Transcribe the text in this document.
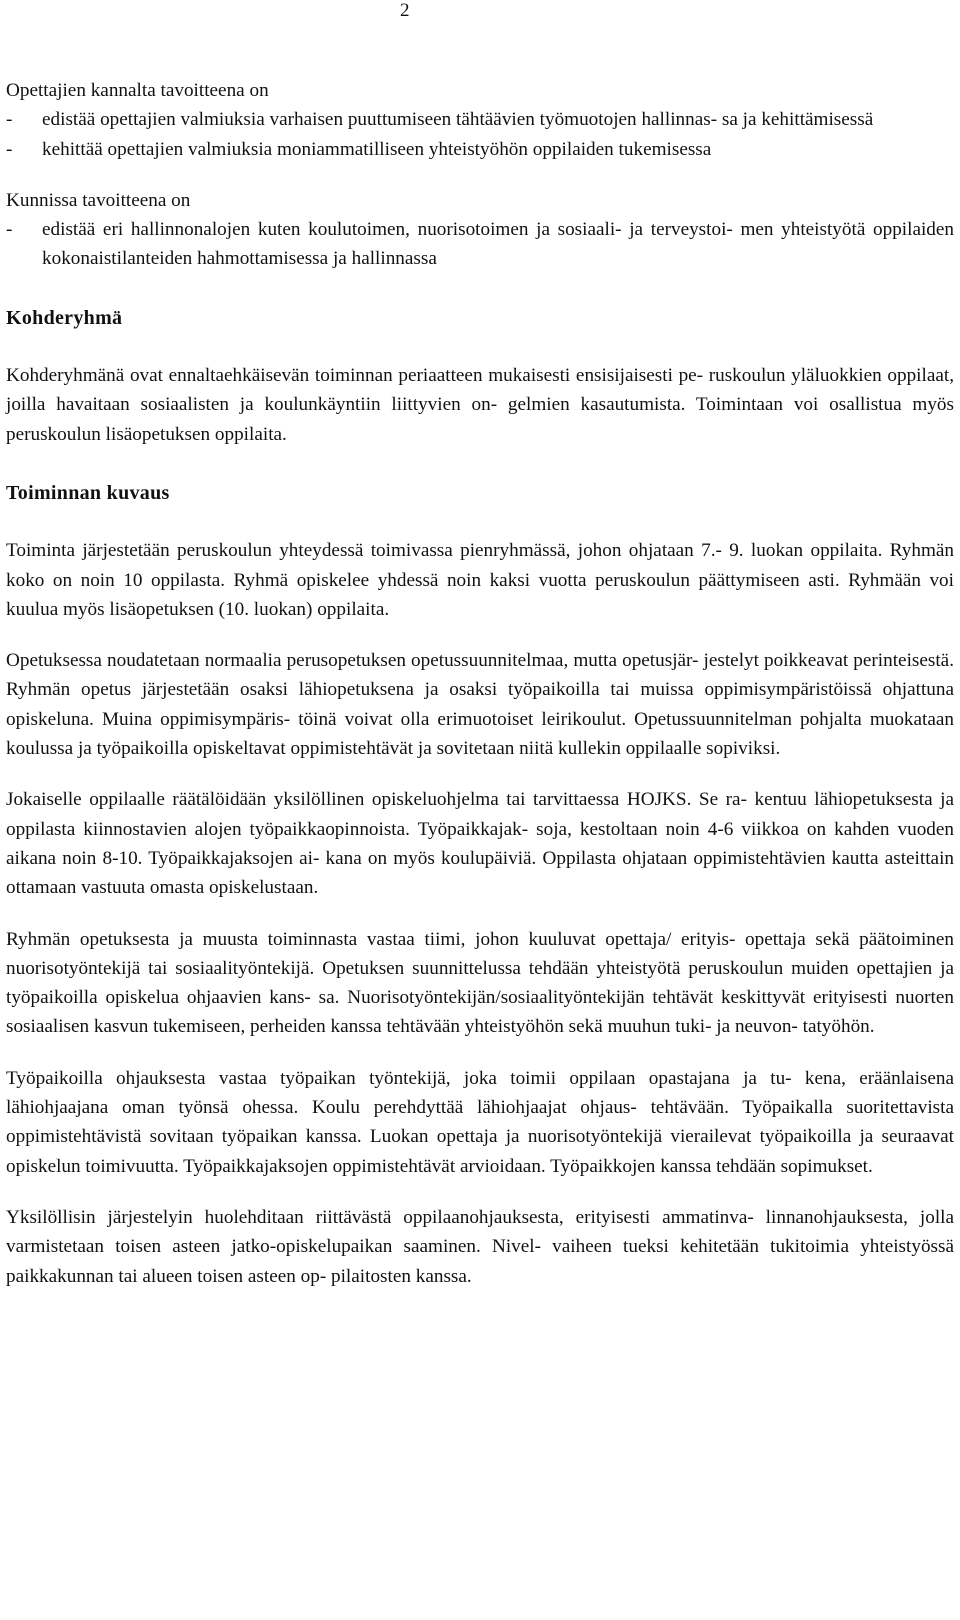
2

Opettajien kannalta tavoitteena on

-	edistää opettajien valmiuksia varhaisen puuttumiseen tähtäävien työmuotojen hallinnas- sa ja kehittämisessä
-	kehittää opettajien valmiuksia moniammatilliseen yhteistyöhön oppilaiden tukemisessa

Kunnissa tavoitteena on

-	edistää eri hallinnonalojen kuten koulutoimen, nuorisotoimen ja sosiaali- ja terveystoi- men yhteistyötä oppilaiden kokonaistilanteiden hahmottamisessa ja hallinnassa
Kohderyhmä

Kohderyhmänä ovat ennaltaehkäisevän toiminnan periaatteen mukaisesti ensisijaisesti pe- ruskoulun yläluokkien oppilaat, joilla havaitaan sosiaalisten ja koulunkäyntiin liittyvien on- gelmien kasautumista. Toimintaan voi osallistua myös peruskoulun lisäopetuksen oppilaita.

Toiminnan kuvaus

Toiminta järjestetään peruskoulun yhteydessä toimivassa pienryhmässä, johon ohjataan 7.- 9. luokan oppilaita. Ryhmän koko on noin 10 oppilasta. Ryhmä opiskelee yhdessä noin kaksi vuotta peruskoulun päättymiseen asti. Ryhmään voi kuulua myös lisäopetuksen (10. luokan) oppilaita.

Opetuksessa noudatetaan normaalia perusopetuksen opetussuunnitelmaa, mutta opetusjär- jestelyt poikkeavat perinteisestä. Ryhmän opetus järjestetään osaksi lähiopetuksena ja osaksi työpaikoilla tai muissa oppimisympäristöissä ohjattuna opiskeluna. Muina oppimisympäris- töinä voivat olla erimuotoiset leirikoulut. Opetussuunnitelman pohjalta muokataan koulussa ja työpaikoilla opiskeltavat oppimistehtävät ja sovitetaan niitä kullekin oppilaalle sopiviksi.

Jokaiselle oppilaalle räätälöidään yksilöllinen opiskeluohjelma tai tarvittaessa HOJKS. Se ra- kentuu lähiopetuksesta ja oppilasta kiinnostavien alojen työpaikkaopinnoista. Työpaikkajak- soja, kestoltaan noin 4-6 viikkoa on kahden vuoden aikana noin 8-10. Työpaikkajaksojen ai- kana on myös koulupäiviä. Oppilasta ohjataan oppimistehtävien kautta asteittain ottamaan vastuuta omasta opiskelustaan.

Ryhmän opetuksesta ja muusta toiminnasta vastaa tiimi, johon kuuluvat opettaja/ erityis- opettaja sekä päätoiminen nuorisotyöntekijä tai sosiaalityöntekijä. Opetuksen suunnittelussa tehdään yhteistyötä peruskoulun muiden opettajien ja työpaikoilla opiskelua ohjaavien kans- sa. Nuorisotyöntekijän/sosiaalityöntekijän tehtävät keskittyvät erityisesti nuorten sosiaalisen kasvun tukemiseen, perheiden kanssa tehtävään yhteistyöhön sekä muuhun tuki- ja neuvon- tatyöhön.

Työpaikoilla ohjauksesta vastaa työpaikan työntekijä, joka toimii oppilaan opastajana ja tu- kena, eräänlaisena lähiohjaajana oman työnsä ohessa. Koulu perehdyttää lähiohjaajat ohjaus- tehtävään. Työpaikalla suoritettavista oppimistehtävistä sovitaan työpaikan kanssa. Luokan opettaja ja nuorisotyöntekijä vierailevat työpaikoilla ja seuraavat opiskelun toimivuutta. Työpaikkajaksojen oppimistehtävät arvioidaan. Työpaikkojen kanssa tehdään sopimukset.

Yksilöllisin järjestelyin huolehditaan riittävästä oppilaanohjauksesta, erityisesti ammatinva- linnanohjauksesta, jolla varmistetaan toisen asteen jatko-opiskelupaikan saaminen. Nivel- vaiheen tueksi kehitetään tukitoimia yhteistyössä paikkakunnan tai alueen toisen asteen op- pilaitosten kanssa.
